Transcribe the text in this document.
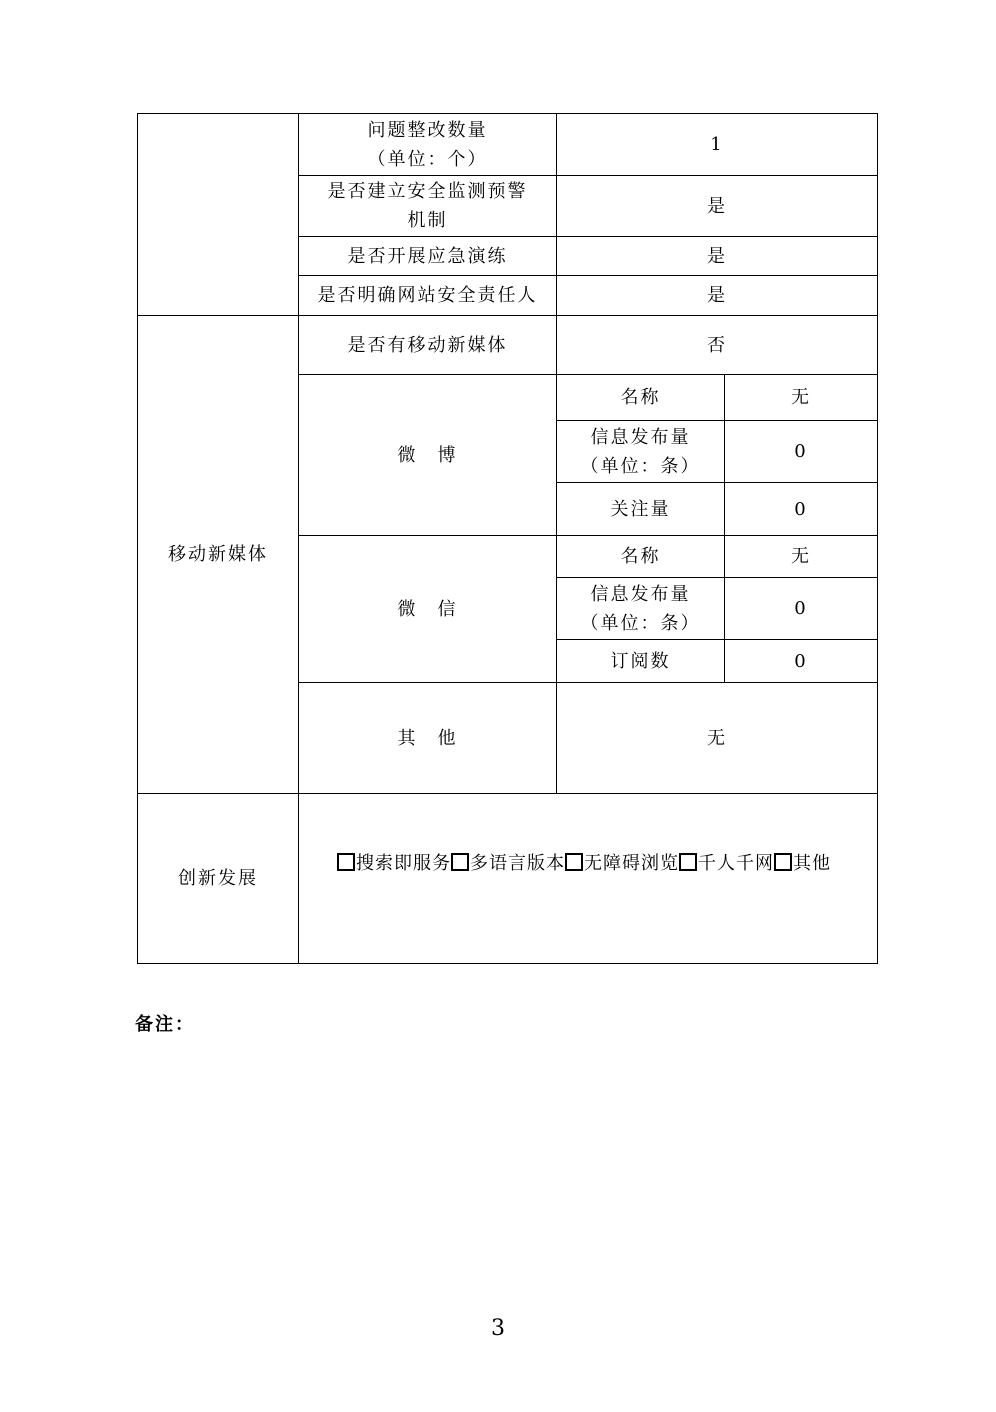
	问题整改数量
（单位：个）	1	

	是否建立安全监测预警
机制	是	
	是否开展应急演练	是	
	是否明确网站安全责任人	是	
移动新媒体	是否有移动新媒体	否	
	微　博	名称	无

		信息发布量
（单位：条）	0
		关注量	0
	微　信	名称	无

		信息发布量
（单位：条）	0
		订阅数	0
	其　他	无	
创新发展	搜索即服务 多语言版本 无障碍浏览 千人千网 其他		
备注：
3
